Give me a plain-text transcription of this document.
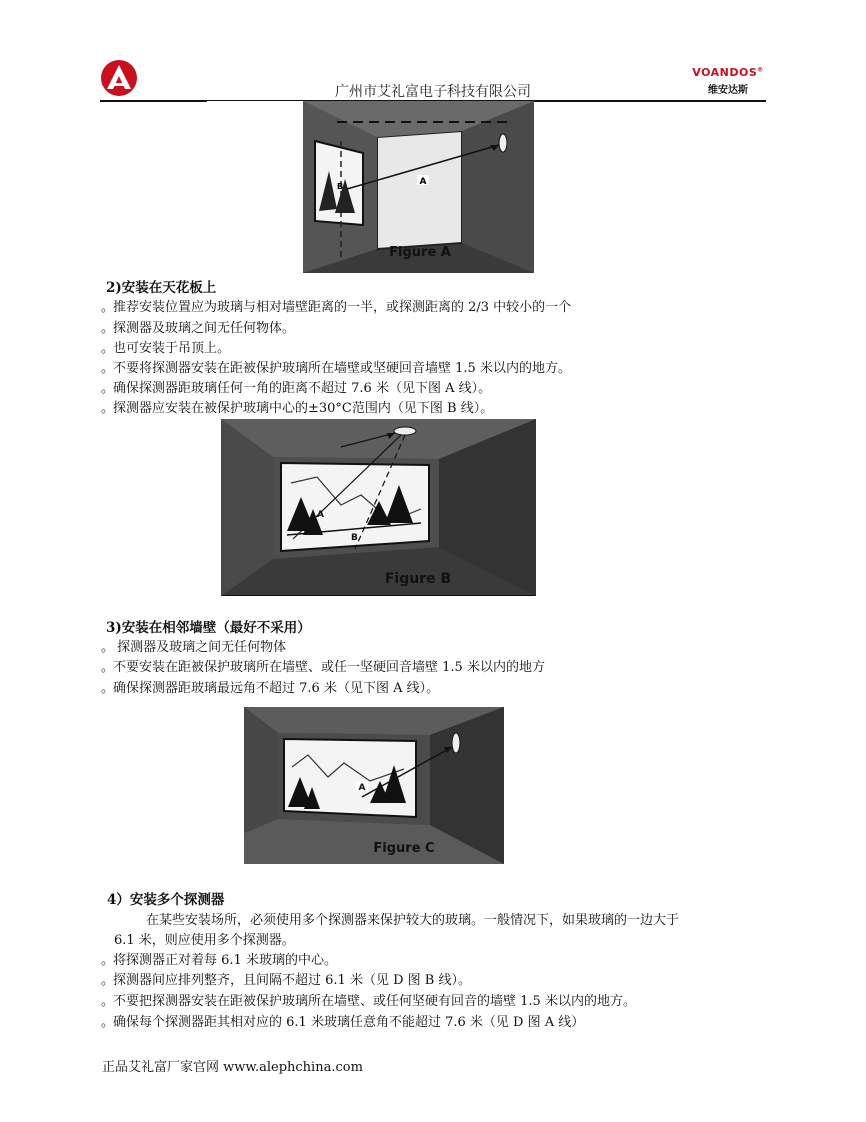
广州市艾礼富电子科技有限公司
VOANDOS®
维安达斯
A
B
Figure A
2)安装在天花板上
。推荐安装位置应为玻璃与相对墙壁距离的一半，或探测距离的 2/3 中较小的一个
。探测器及玻璃之间无任何物体。
。也可安装于吊顶上。
。不要将探测器安装在距被保护玻璃所在墙壁或坚硬回音墙壁 1.5 米以内的地方。
。确保探测器距玻璃任何一角的距离不超过 7.6 米（见下图 A 线）。
。探测器应安装在被保护玻璃中心的±30°C范围内（见下图 B 线）。
A
B
Figure B
3)安装在相邻墙壁（最好不采用）
。 探测器及玻璃之间无任何物体
。不要安装在距被保护玻璃所在墙壁、或任一坚硬回音墙壁 1.5 米以内的地方
。确保探测器距玻璃最远角不超过 7.6 米（见下图 A 线）。
A
Figure C
4）安装多个探测器
在某些安装场所，必须使用多个探测器来保护较大的玻璃。一般情况下，如果玻璃的一边大于
6.1 米，则应使用多个探测器。
。将探测器正对着每 6.1 米玻璃的中心。
。探测器间应排列整齐，且间隔不超过 6.1 米（见 D 图 B 线）。
。不要把探测器安装在距被保护玻璃所在墙壁、或任何坚硬有回音的墙壁 1.5 米以内的地方。
。确保每个探测器距其相对应的 6.1 米玻璃任意角不能超过 7.6 米（见 D 图 A 线）
正品艾礼富厂家官网 www.alephchina.com
